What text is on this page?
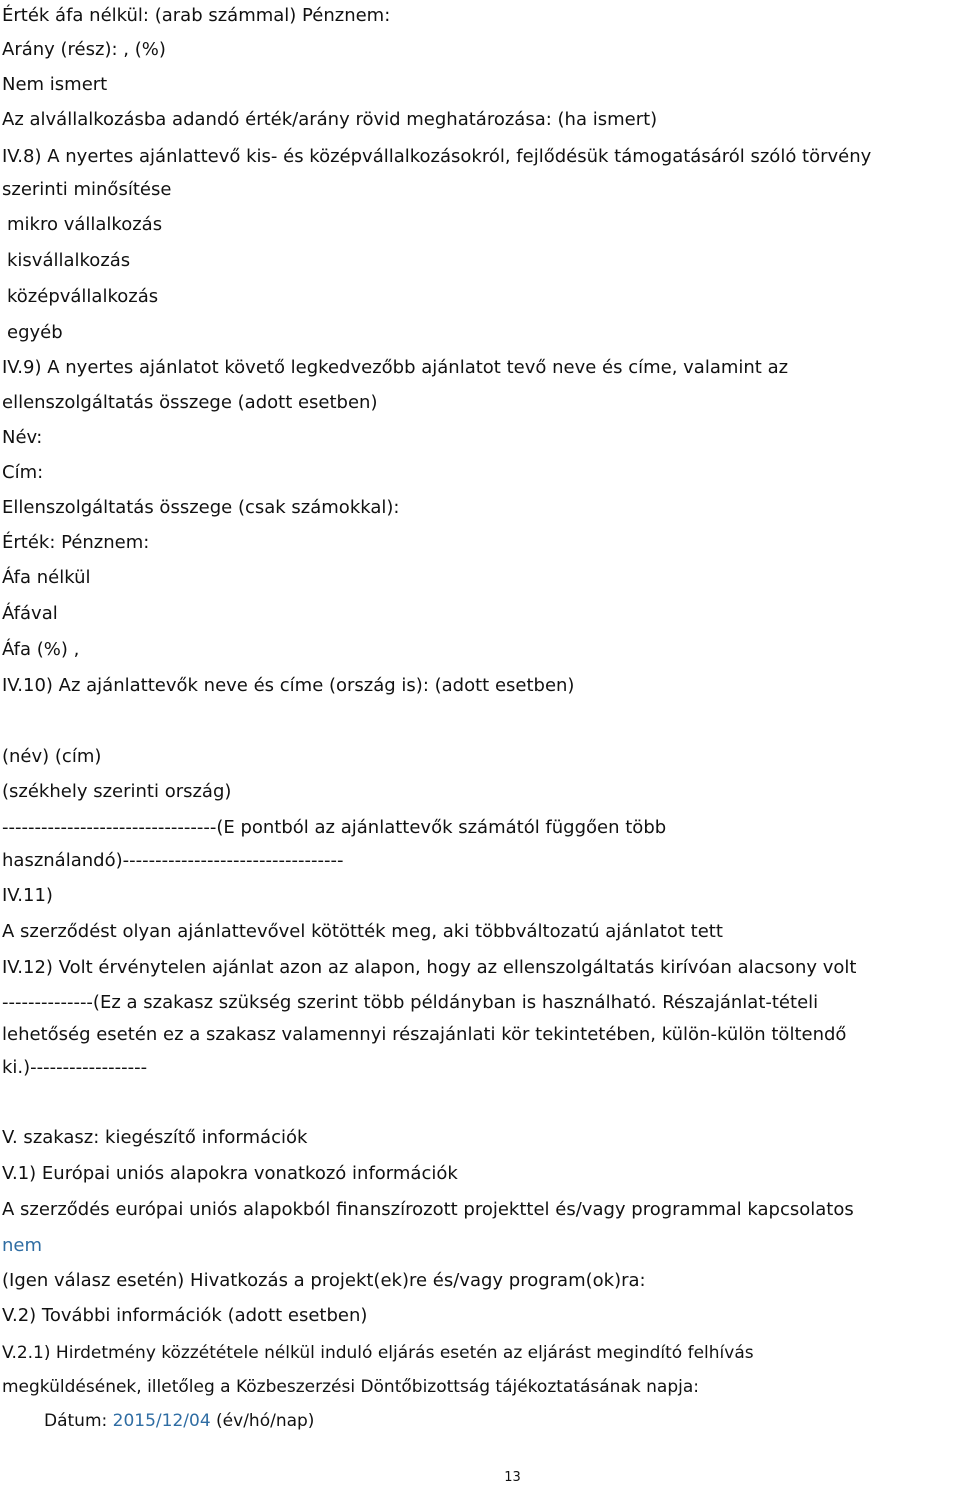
Érték áfa nélkül: (arab számmal) Pénznem:
Arány (rész): , (%)
Nem ismert
Az alvállalkozásba adandó érték/arány rövid meghatározása: (ha ismert)
IV.8) A nyertes ajánlattevő kis- és középvállalkozásokról, fejlődésük támogatásáról szóló törvény
szerinti minősítése
mikro vállalkozás
kisvállalkozás
középvállalkozás
egyéb
IV.9) A nyertes ajánlatot követő legkedvezőbb ajánlatot tevő neve és címe, valamint az
ellenszolgáltatás összege (adott esetben)
Név:
Cím:
Ellenszolgáltatás összege (csak számokkal):
Érték: Pénznem:
Áfa nélkül
Áfával
Áfa (%) ,
IV.10) Az ajánlattevők neve és címe (ország is): (adott esetben)
(név) (cím)
(székhely szerinti ország)
---------------------------------(E pontból az ajánlattevők számától függően több
használandó)----------------------------------
IV.11)
A szerződést olyan ajánlattevővel kötötték meg, aki többváltozatú ajánlatot tett
IV.12) Volt érvénytelen ajánlat azon az alapon, hogy az ellenszolgáltatás kirívóan alacsony volt
--------------(Ez a szakasz szükség szerint több példányban is használható. Részajánlat-tételi
lehetőség esetén ez a szakasz valamennyi részajánlati kör tekintetében, külön-külön töltendő
ki.)------------------
V. szakasz: kiegészítő információk
V.1) Európai uniós alapokra vonatkozó információk
A szerződés európai uniós alapokból finanszírozott projekttel és/vagy programmal kapcsolatos
nem
(Igen válasz esetén) Hivatkozás a projekt(ek)re és/vagy program(ok)ra:
V.2) További információk (adott esetben)
V.2.1) Hirdetmény közzététele nélkül induló eljárás esetén az eljárást megindító felhívás
megküldésének, illetőleg a Közbeszerzési Döntőbizottság tájékoztatásának napja:
Dátum: 2015/12/04 (év/hó/nap)
13
